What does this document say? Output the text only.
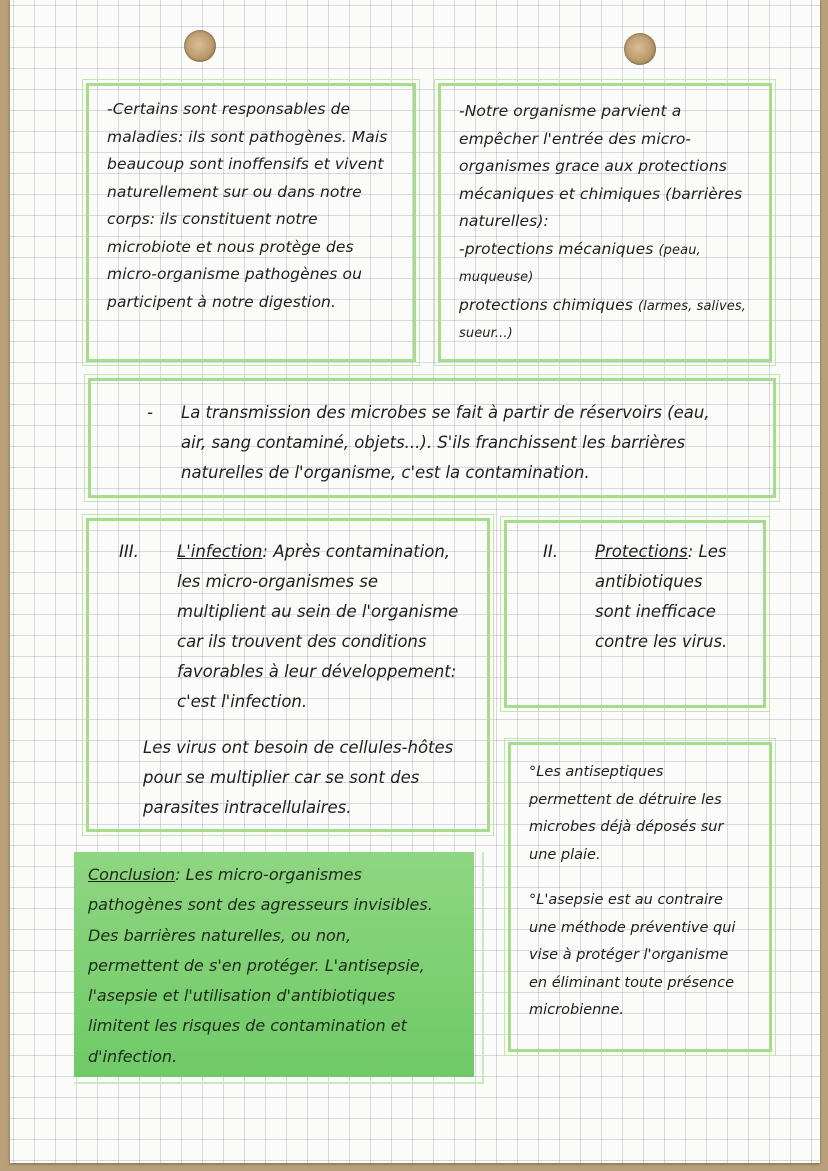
-Certains sont responsables de
maladies: ils sont pathogènes. Mais
beaucoup sont inoffensifs et vivent
naturellement sur ou dans notre
corps: ils constituent notre
microbiote et nous protège des
micro-organisme pathogènes ou
participent à notre digestion.
-Notre organisme parvient a
empêcher l'entrée des micro-
organismes grace aux protections
mécaniques et chimiques (barrières
naturelles):
-protections mécaniques (peau,
muqueuse)
protections chimiques (larmes, salives,
sueur...)
- La transmission des microbes se fait à partir de réservoirs (eau,
air, sang contaminé, objets...). S'ils franchissent les barrières
naturelles de l'organisme, c'est la contamination.
III. L'infection: Après contamination,
les micro-organismes se
multiplient au sein de l'organisme
car ils trouvent des conditions
favorables à leur développement:
c'est l'infection.
Les virus ont besoin de cellules-hôtes
pour se multiplier car se sont des
parasites intracellulaires.
II. Protections: Les
antibiotiques
sont inefficace
contre les virus.
°Les antiseptiques
permettent de détruire les
microbes déjà déposés sur
une plaie.
°L'asepsie est au contraire
une méthode préventive qui
vise à protéger l'organisme
en éliminant toute présence
microbienne.
Conclusion: Les micro-organismes
pathogènes sont des agresseurs invisibles.
Des barrières naturelles, ou non,
permettent de s'en protéger. L'antisepsie,
l'asepsie et l'utilisation d'antibiotiques
limitent les risques de contamination et
d'infection.
